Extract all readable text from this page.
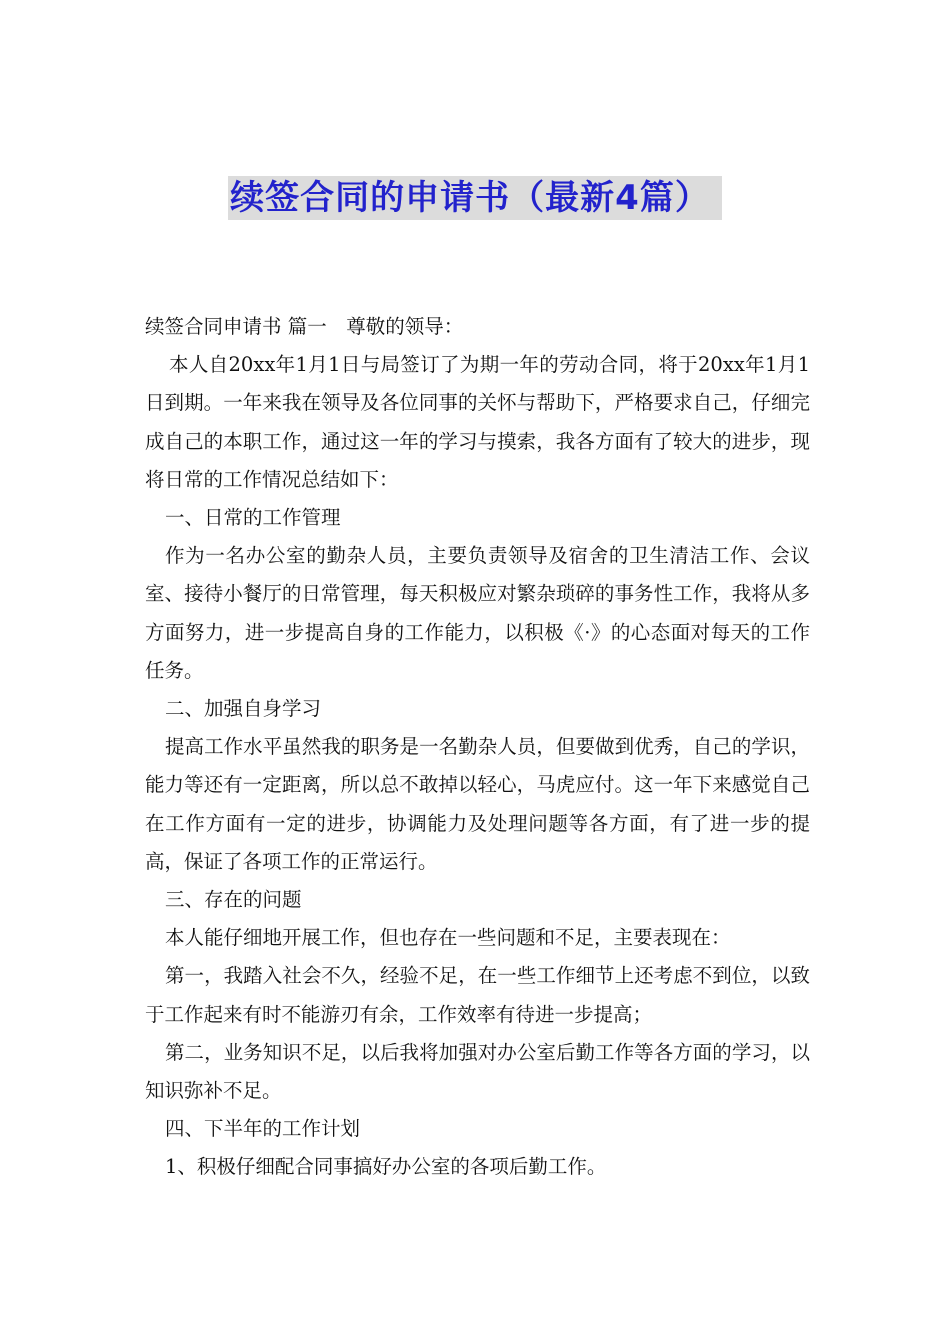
续签合同的申请书（最新4篇）

续签合同申请书 篇一　尊敬的领导：

本人自20xx年1月1日与局签订了为期一年的劳动合同，将于20xx年1月1日到期。一年来我在领导及各位同事的关怀与帮助下，严格要求自己，仔细完成自己的本职工作，通过这一年的学习与摸索，我各方面有了较大的进步，现将日常的工作情况总结如下：

一、日常的工作管理

作为一名办公室的勤杂人员，主要负责领导及宿舍的卫生清洁工作、会议室、接待小餐厅的日常管理，每天积极应对繁杂琐碎的事务性工作，我将从多方面努力，进一步提高自身的工作能力，以积极《·》的心态面对每天的工作任务。

二、加强自身学习

提高工作水平虽然我的职务是一名勤杂人员，但要做到优秀，自己的学识，能力等还有一定距离，所以总不敢掉以轻心，马虎应付。这一年下来感觉自己在工作方面有一定的进步，协调能力及处理问题等各方面，有了进一步的提高，保证了各项工作的正常运行。

三、存在的问题

本人能仔细地开展工作，但也存在一些问题和不足，主要表现在：

第一，我踏入社会不久，经验不足，在一些工作细节上还考虑不到位，以致于工作起来有时不能游刃有余，工作效率有待进一步提高；

第二，业务知识不足，以后我将加强对办公室后勤工作等各方面的学习，以知识弥补不足。

四、下半年的工作计划

1、积极仔细配合同事搞好办公室的各项后勤工作。
